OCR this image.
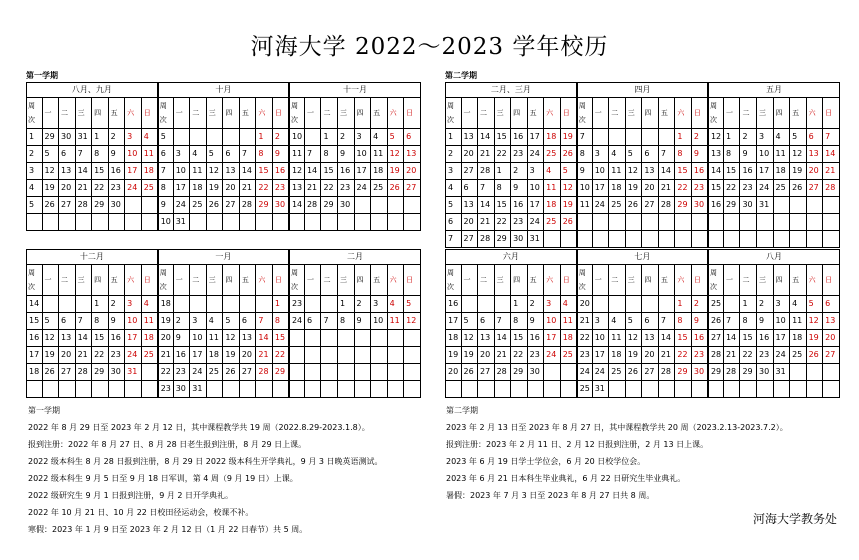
河海大学 2022～2023 学年校历
第一学期	第二学期
八月、九月								十月								十一月							
周次	一	二	三	四	五	六	日	周次	一	二	三	四	五	六	日	周次	一	二	三	四	五	六	日
1	29	30	31	1	2	3	4	5						1	2	10		1	2	3	4	5	6
2	5	6	7	8	9	10	11	6	3	4	5	6	7	8	9	11	7	8	9	10	11	12	13
3	12	13	14	15	16	17	18	7	10	11	12	13	14	15	16	12	14	15	16	17	18	19	20
4	19	20	21	22	23	24	25	8	17	18	19	20	21	22	23	13	21	22	23	24	25	26	27
5	26	27	28	29	30			9	24	25	26	27	28	29	30	14	28	29	30				
								10	31														
十二月								一月								二月							
周次	一	二	三	四	五	六	日	周次	一	二	三	四	五	六	日	周次	一	二	三	四	五	六	日
14				1	2	3	4	18							1	23			1	2	3	4	5
15	5	6	7	8	9	10	11	19	2	3	4	5	6	7	8	24	6	7	8	9	10	11	12
16	12	13	14	15	16	17	18	20	9	10	11	12	13	14	15								
17	19	20	21	22	23	24	25	21	16	17	18	19	20	21	22								
18	26	27	28	29	30	31		22	23	24	25	26	27	28	29								
								23	30	31													
二月、三月								四月								五月							
周次	一	二	三	四	五	六	日	周次	一	二	三	四	五	六	日	周次	一	二	三	四	五	六	日
1	13	14	15	16	17	18	19	7						1	2	12	1	2	3	4	5	6	7
2	20	21	22	23	24	25	26	8	3	4	5	6	7	8	9	13	8	9	10	11	12	13	14
3	27	28	1	2	3	4	5	9	10	11	12	13	14	15	16	14	15	16	17	18	19	20	21
4	6	7	8	9	10	11	12	10	17	18	19	20	21	22	23	15	22	23	24	25	26	27	28
5	13	14	15	16	17	18	19	11	24	25	26	27	28	29	30	16	29	30	31				
6	20	21	22	23	24	25	26																
7	27	28	29	30	31																		
六月								七月								八月							
周次	一	二	三	四	五	六	日	周次	一	二	三	四	五	六	日	周次	一	二	三	四	五	六	日
16				1	2	3	4	20						1	2	25		1	2	3	4	5	6
17	5	6	7	8	9	10	11	21	3	4	5	6	7	8	9	26	7	8	9	10	11	12	13
18	12	13	14	15	16	17	18	22	10	11	12	13	14	15	16	27	14	15	16	17	18	19	20
19	19	20	21	22	23	24	25	23	17	18	19	20	21	22	23	28	21	22	23	24	25	26	27
20	26	27	28	29	30			24	24	25	26	27	28	29	30	29	28	29	30	31			
								25	31														
第一学期
2022 年 8 月 29 日至 2023 年 2 月 12 日，其中课程教学共 19 周（2022.8.29-2023.1.8）。
报到注册：2022 年 8 月 27 日、8 月 28 日老生报到注册，8 月 29 日上课。
2022 级本科生 8 月 28 日报到注册，8 月 29 日 2022 级本科生开学典礼，9 月 3 日晚英语测试。
2022 级本科生 9 月 5 日至 9 月 18 日军训，第 4 周（9 月 19 日）上课。
2022 级研究生 9 月 1 日报到注册，9 月 2 日开学典礼。
2022 年 10 月 21 日、10 月 22 日校田径运动会，校课不补。
寒假：2023 年 1 月 9 日至 2023 年 2 月 12 日（1 月 22 日春节）共 5 周。
第二学期
2023 年 2 月 13 日至 2023 年 8 月 27 日，其中课程教学共 20 周（2023.2.13-2023.7.2）。
报到注册：2023 年 2 月 11 日、2 月 12 日报到注册，2 月 13 日上课。
2023 年 6 月 19 日学士学位会，6 月 20 日校学位会。
2023 年 6 月 21 日本科生毕业典礼，6 月 22 日研究生毕业典礼。
暑假：2023 年 7 月 3 日至 2023 年 8 月 27 日共 8 周。
河海大学教务处
